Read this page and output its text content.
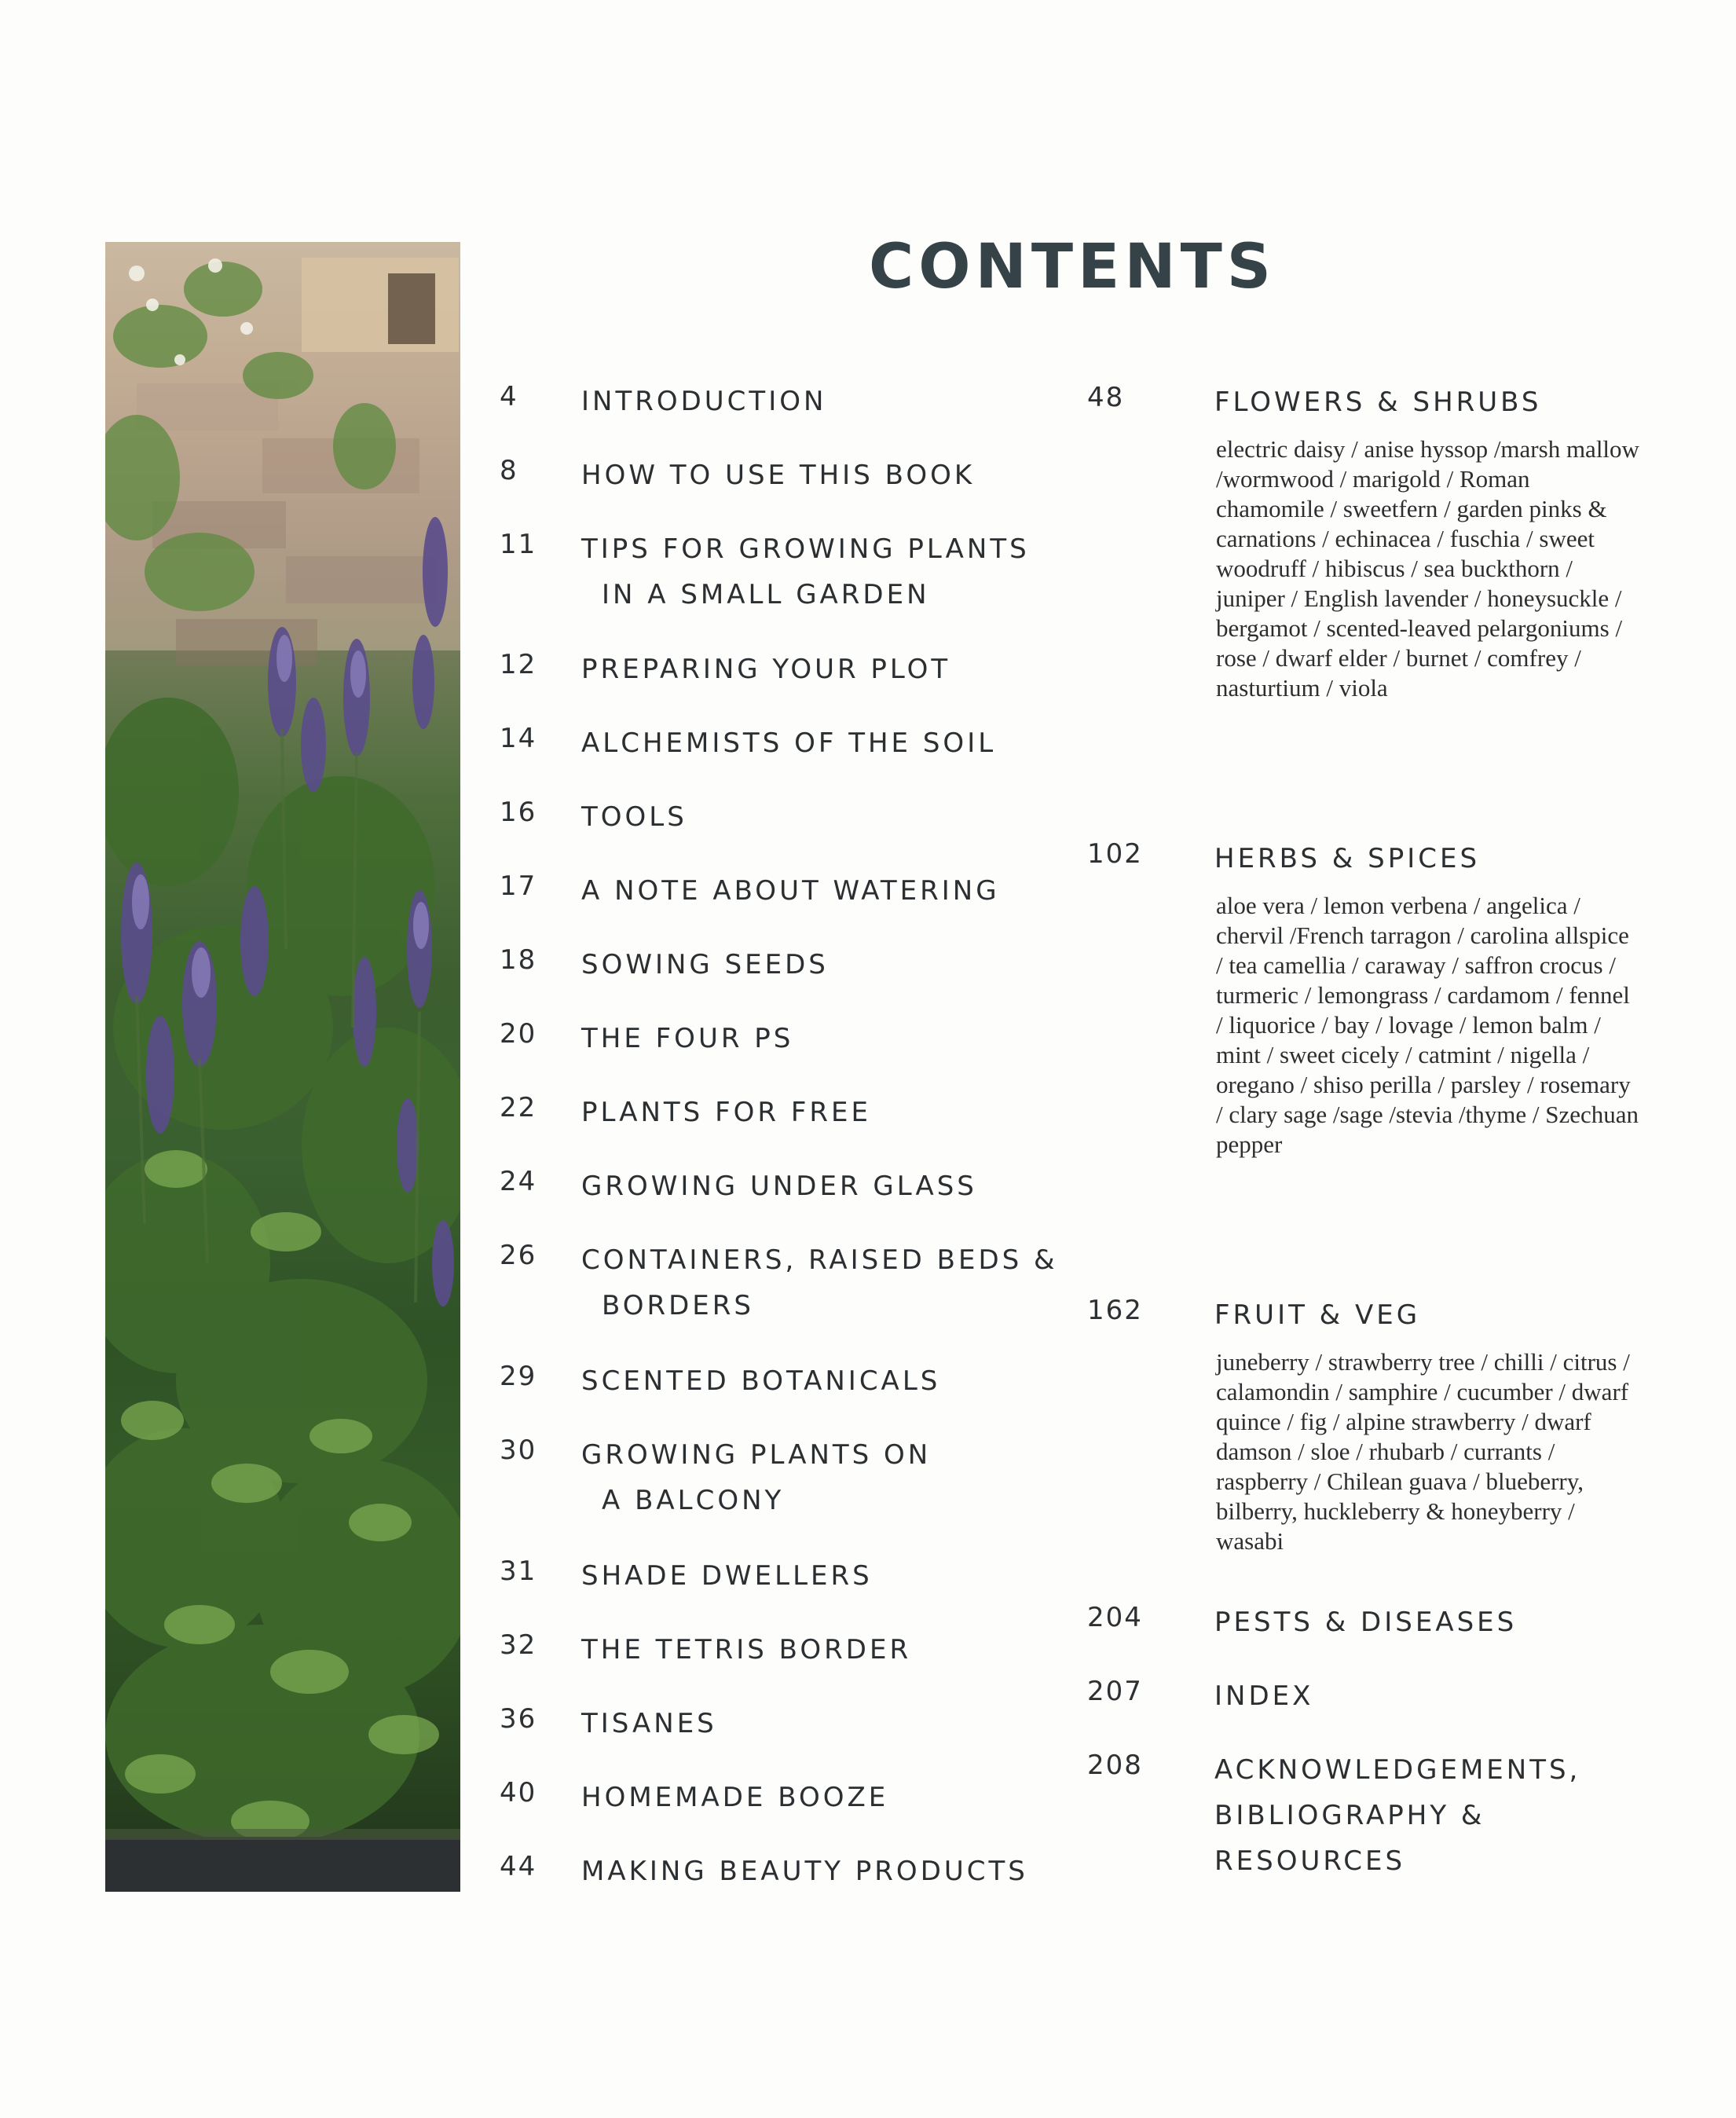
CONTENTS
4 INTRODUCTION
8 HOW TO USE THIS BOOK
11 TIPS FOR GROWING PLANTS
IN A SMALL GARDEN
12 PREPARING YOUR PLOT
14 ALCHEMISTS OF THE SOIL
16 TOOLS
17 A NOTE ABOUT WATERING
18 SOWING SEEDS
20 THE FOUR PS
22 PLANTS FOR FREE
24 GROWING UNDER GLASS
26 CONTAINERS, RAISED BEDS &
BORDERS
29 SCENTED BOTANICALS
30 GROWING PLANTS ON
A BALCONY
31 SHADE DWELLERS
32 THE TETRIS BORDER
36 TISANES
40 HOMEMADE BOOZE
44 MAKING BEAUTY PRODUCTS
48	FLOWERS & SHRUBS
electric daisy / anise hyssop /marsh mallow /wormwood / marigold / Roman chamomile / sweetfern / garden pinks & carnations / echinacea / fuschia / sweet woodruff / hibiscus / sea buckthorn / juniper / English lavender / honeysuckle / bergamot / scented-leaved pelargoniums / rose / dwarf elder / burnet / comfrey / nasturtium / viola
102	HERBS & SPICES
aloe vera / lemon verbena / angelica / chervil /French tarragon / carolina allspice / tea camellia / caraway / saffron crocus / turmeric / lemongrass / cardamom / fennel / liquorice / bay / lovage / lemon balm / mint / sweet cicely / catmint / nigella / oregano / shiso perilla / parsley / rosemary / clary sage /sage /stevia /thyme / Szechuan pepper
162	FRUIT & VEG
juneberry / strawberry tree / chilli / citrus / calamondin / samphire / cucumber / dwarf quince / fig / alpine strawberry / dwarf damson / sloe / rhubarb / currants / raspberry / Chilean guava / blueberry, bilberry, huckleberry & honeyberry / wasabi
204	PESTS & DISEASES
207	INDEX
208	ACKNOWLEDGEMENTS,
BIBLIOGRAPHY &
RESOURCES
